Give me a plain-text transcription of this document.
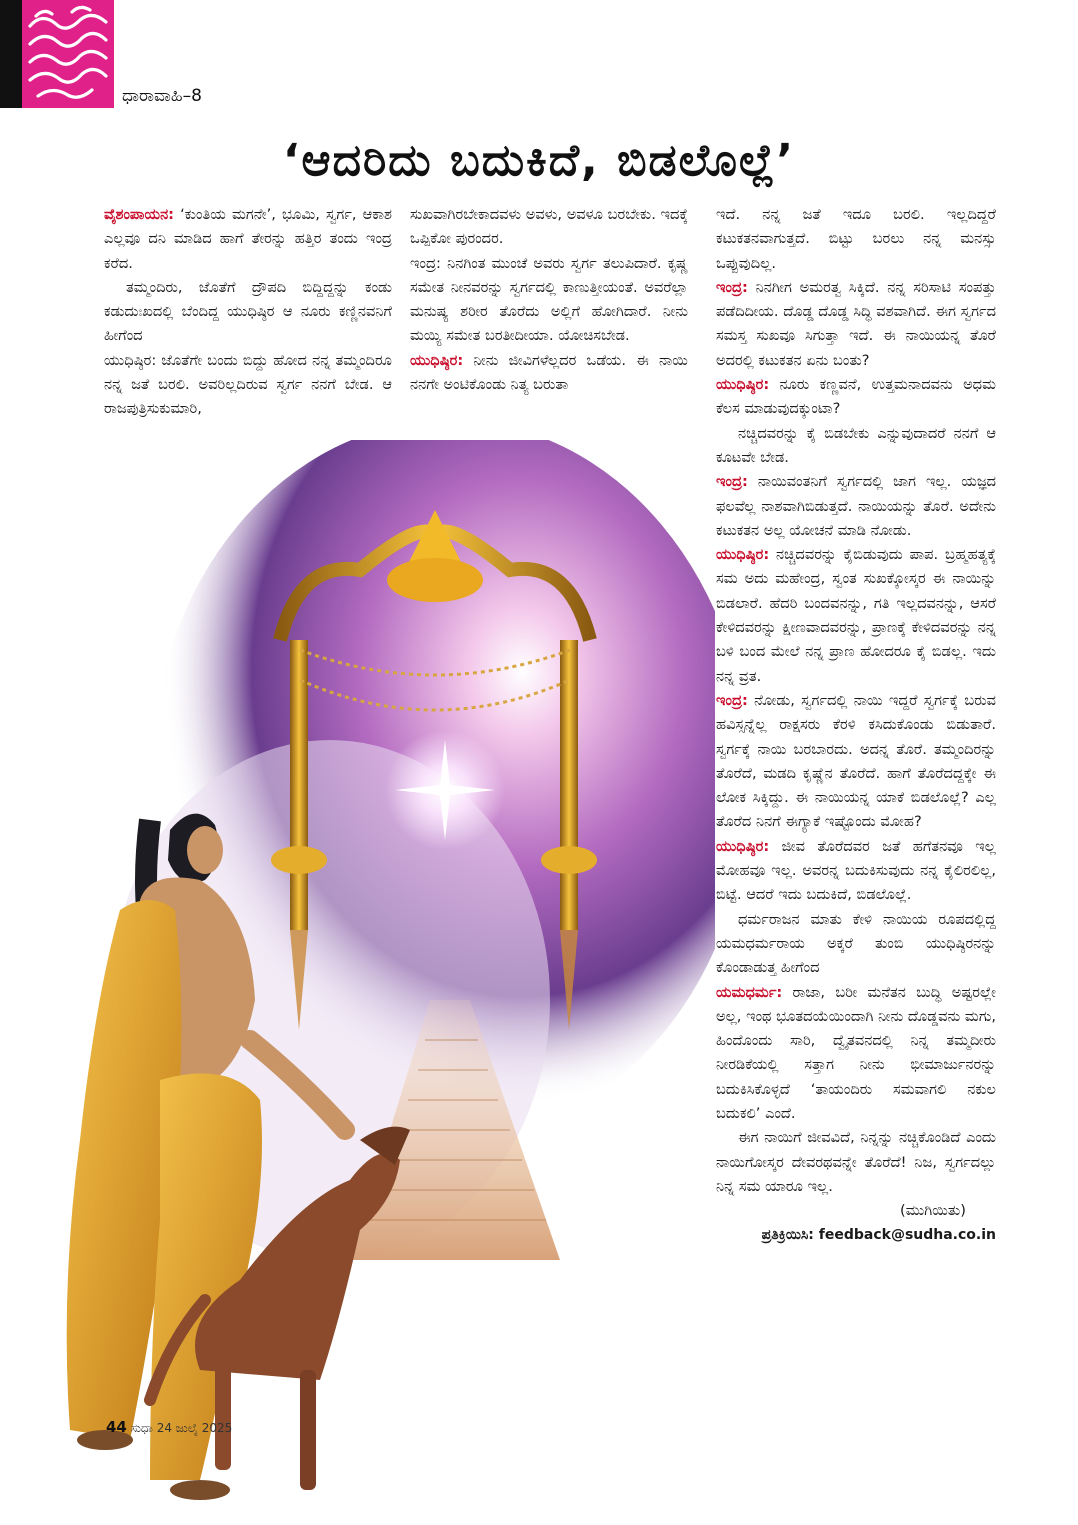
ಧಾರಾವಾಹಿ–8
‘ಆದರಿದು ಬದುಕಿದೆ, ಬಿಡಲೊಲ್ಲೆ’

ವೈಶಂಪಾಯನ: ‘ಕುಂತಿಯ ಮಗನೇ’, ಭೂಮಿ, ಸ್ವರ್ಗ, ಆಕಾಶ ಎಲ್ಲವೂ ದನಿ ಮಾಡಿದ ಹಾಗೆ ತೇರನ್ನು ಹತ್ತಿರ ತಂದು ಇಂದ್ರ ಕರೆದ.

ತಮ್ಮಂದಿರು, ಜೊತೆಗೆ ದ್ರೌಪದಿ ಬಿದ್ದಿದ್ದನ್ನು ಕಂಡು ಕಡುದುಃಖದಲ್ಲಿ ಬೆಂದಿದ್ದ ಯುಧಿಷ್ಠಿರ ಆ ನೂರು ಕಣ್ಣಿನವನಿಗೆ ಹೀಗೆಂದ

ಯುಧಿಷ್ಠಿರ: ಜೊತೆಗೇ ಬಂದು ಬಿದ್ದು ಹೋದ ನನ್ನ ತಮ್ಮಂದಿರೂ ನನ್ನ ಜತೆ ಬರಲಿ. ಅವರಿಲ್ಲದಿರುವ ಸ್ವರ್ಗ ನನಗೆ ಬೇಡ. ಆ ರಾಜಪುತ್ರಿಸುಕುಮಾರಿ,

ಸುಖವಾಗಿರಬೇಕಾದವಳು ಅವಳು, ಅವಳೂ ಬರಬೇಕು. ಇದಕ್ಕೆ ಒಪ್ಪಿಕೋ ಪುರಂದರ.

ಇಂದ್ರ: ನಿನಗಿಂತ ಮುಂಚೆ ಅವರು ಸ್ವರ್ಗ ತಲುಪಿದಾರೆ. ಕೃಷ್ಣ ಸಮೇತ ನೀನವರನ್ನು ಸ್ವರ್ಗದಲ್ಲಿ ಕಾಣುತ್ತೀಯಂತೆ. ಅವರೆಲ್ಲಾ ಮನುಷ್ಯ ಶರೀರ ತೊರೆದು ಅಲ್ಲಿಗೆ ಹೋಗಿದಾರೆ. ನೀನು ಮಯ್ಯಿ ಸಮೇತ ಬರತೀದೀಯಾ. ಯೋಚಿಸಬೇಡ.

ಯುಧಿಷ್ಠಿರ: ನೀನು ಜೀವಿಗಳೆಲ್ಲದರ ಒಡೆಯ. ಈ ನಾಯಿ ನನಗೇ ಅಂಟಿಕೊಂಡು ನಿತ್ಯ ಬರುತಾ

ಇದೆ. ನನ್ನ ಜತೆ ಇದೂ ಬರಲಿ. ಇಲ್ಲದಿದ್ದರೆ ಕಟುಕತನವಾಗುತ್ತದೆ. ಬಿಟ್ಟು ಬರಲು ನನ್ನ ಮನಸ್ಸು ಒಪ್ಪುವುದಿಲ್ಲ.

ಇಂದ್ರ: ನಿನಗೀಗ ಅಮರತ್ವ ಸಿಕ್ಕಿದೆ. ನನ್ನ ಸರಿಸಾಟಿ ಸಂಪತ್ತು ಪಡೆದಿದೀಯ. ದೊಡ್ಡ ದೊಡ್ಡ ಸಿದ್ಧಿ ವಶವಾಗಿದೆ. ಈಗ ಸ್ವರ್ಗದ ಸಮಸ್ತ ಸುಖವೂ ಸಿಗುತ್ತಾ ಇದೆ. ಈ ನಾಯಿಯನ್ನ ತೊರೆ ಅದರಲ್ಲಿ ಕಟುಕತನ ಏನು ಬಂತು?

ಯುಧಿಷ್ಠಿರ: ನೂರು ಕಣ್ಣವನೆ, ಉತ್ತಮನಾದವನು ಅಧಮ ಕೆಲಸ ಮಾಡುವುದಕ್ಕುಂಟಾ?

ನಚ್ಚಿದವರನ್ನು ಕೈ ಬಿಡಬೇಕು ಎನ್ನುವುದಾದರೆ ನನಗೆ ಆ ಕೂಟವೇ ಬೇಡ.

ಇಂದ್ರ: ನಾಯಿವಂತನಿಗೆ ಸ್ವರ್ಗದಲ್ಲಿ ಜಾಗ ಇಲ್ಲ. ಯಜ್ಞದ ಫಲವೆಲ್ಲ ನಾಶವಾಗಿಬಿಡುತ್ತದೆ. ನಾಯಿಯನ್ನು ತೊರೆ. ಅದೇನು ಕಟುಕತನ ಅಲ್ಲ ಯೋಚನೆ ಮಾಡಿ ನೋಡು.

ಯುಧಿಷ್ಠಿರ: ನಚ್ಚಿದವರನ್ನು ಕೈಬಿಡುವುದು ಪಾಪ. ಬ್ರಹ್ಮಹತ್ಯಕ್ಕೆ ಸಮ ಅದು ಮಹೇಂದ್ರ, ಸ್ವಂತ ಸುಖಕ್ಕೋಸ್ಕರ ಈ ನಾಯಿನ್ನು ಬಿಡಲಾರೆ. ಹೆದರಿ ಬಂದವನನ್ನು, ಗತಿ ಇಲ್ಲದವನನ್ನು, ಆಸರೆ ಕೇಳಿದವರನ್ನು ಕ್ಷೀಣವಾದವರನ್ನು, ಪ್ರಾಣಕ್ಕೆ ಕೇಳಿದವರನ್ನು ನನ್ನ ಬಳಿ ಬಂದ ಮೇಲೆ ನನ್ನ ಪ್ರಾಣ ಹೋದರೂ ಕೈ ಬಿಡಲ್ಲ. ಇದು ನನ್ನ ವ್ರತ.

ಇಂದ್ರ: ನೋಡು, ಸ್ವರ್ಗದಲ್ಲಿ ನಾಯಿ ಇದ್ದರೆ ಸ್ವರ್ಗಕ್ಕೆ ಬರುವ ಹವಿಸ್ಸನ್ನೆಲ್ಲ ರಾಕ್ಷಸರು ಕೆರಳಿ ಕಸಿದುಕೊಂಡು ಬಿಡುತಾರೆ. ಸ್ವರ್ಗಕ್ಕೆ ನಾಯಿ ಬರಬಾರದು. ಅದನ್ನ ತೊರೆ. ತಮ್ಮಂದಿರನ್ನು ತೊರೆದೆ, ಮಡದಿ ಕೃಷ್ಣೆನ ತೊರೆದೆ. ಹಾಗೆ ತೊರೆದದ್ದಕ್ಕೇ ಈ ಲೋಕ ಸಿಕ್ಕಿದ್ದು. ಈ ನಾಯಿಯನ್ನ ಯಾಕೆ ಬಿಡಲೊಲ್ಲೆ? ಎಲ್ಲ ತೊರೆದ ನಿನಗೆ ಈಗ್ಯಾಕೆ ಇಷ್ಟೊಂದು ಮೋಹ?

ಯುಧಿಷ್ಠಿರ: ಜೀವ ತೊರೆದವರ ಜತೆ ಹಗೆತನವೂ ಇಲ್ಲ ಮೋಹವೂ ಇಲ್ಲ. ಅವರನ್ನ ಬದುಕಿಸುವುದು ನನ್ನ ಕೈಲಿರಲಿಲ್ಲ, ಬಿಟ್ಟೆ. ಆದರೆ ಇದು ಬದುಕಿದೆ, ಬಿಡಲೊಲ್ಲೆ.

ಧರ್ಮರಾಜನ ಮಾತು ಕೇಳಿ ನಾಯಿಯ ರೂಪದಲ್ಲಿದ್ದ ಯಮಧರ್ಮರಾಯ ಅಕ್ಕರೆ ತುಂಬಿ ಯುಧಿಷ್ಠಿರನನ್ನು ಕೊಂಡಾಡುತ್ತ ಹೀಗೆಂದ

ಯಮಧರ್ಮ: ರಾಜಾ, ಬರೀ ಮನೆತನ ಬುದ್ಧಿ ಅಷ್ಟರಲ್ಲೇ ಅಲ್ಲ, ಇಂಥ ಭೂತದಯೆಯಿಂದಾಗಿ ನೀನು ದೊಡ್ಡವನು ಮಗು, ಹಿಂದೊಂದು ಸಾರಿ, ದ್ವೈತವನದಲ್ಲಿ ನಿನ್ನ ತಮ್ಮದೀರು ನೀರಡಿಕೆಯಲ್ಲಿ ಸತ್ತಾಗ ನೀನು ಭೀಮಾರ್ಜುನರನ್ನು ಬದುಕಿಸಿಕೊಳ್ಳದೆ ‘ತಾಯಂದಿರು ಸಮವಾಗಲಿ ನಕುಲ ಬದುಕಲಿ’ ಎಂದೆ.

ಈಗ ನಾಯಿಗೆ ಜೀವವಿದೆ, ನಿನ್ನನ್ನು ನಚ್ಚಿಕೊಂಡಿದೆ ಎಂದು ನಾಯಿಗೋಸ್ಕರ ದೇವರಥವನ್ನೇ ತೊರೆದೆ! ನಿಜ, ಸ್ವರ್ಗದಲ್ಲು ನಿನ್ನ ಸಮ ಯಾರೂ ಇಲ್ಲ.

(ಮುಗಿಯಿತು)

ಪ್ರತಿಕ್ರಿಯಿಸಿ: feedback@sudha.co.in

44 ಸುಧಾ 24 ಜುಲೈ 2025
